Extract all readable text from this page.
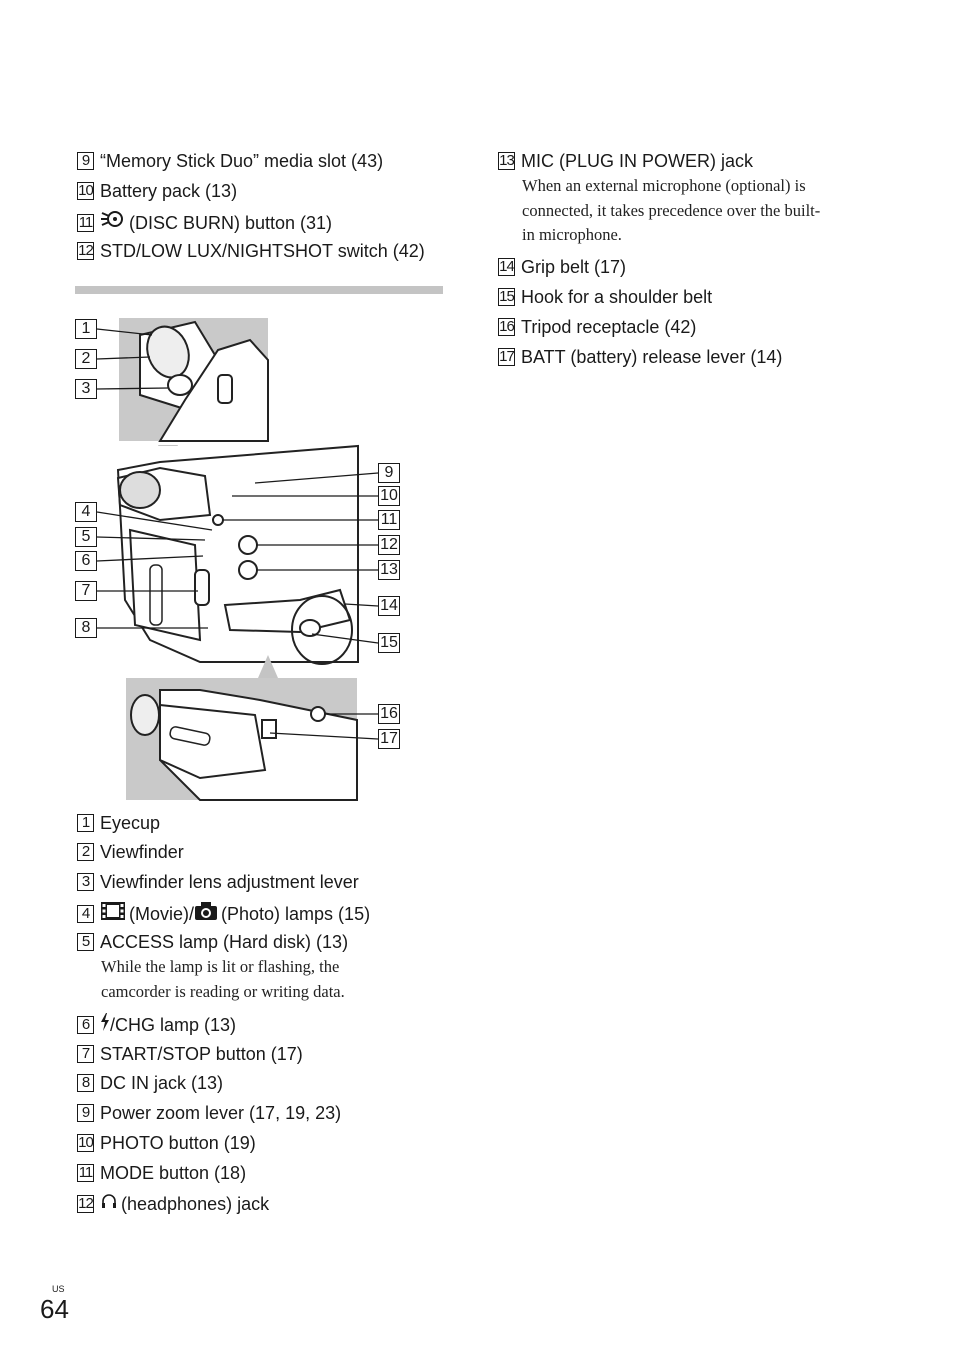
9 “Memory Stick Duo” media slot (43)
10 Battery pack (13)
11 (DISC BURN) button (31)
12 STD/LOW LUX/NIGHTSHOT switch (42)
13 MIC (PLUG IN POWER) jack
When an external microphone (optional) is
connected, it takes precedence over the built-
in microphone.
14 Grip belt (17)
15 Hook for a shoulder belt
16 Tripod receptacle (42)
17 BATT (battery) release lever (14)
1
2
3
4
5
6
7
8
9
10
11
12
13
14
15
16
17
1 Eyecup
2 Viewfinder
3 Viewfinder lens adjustment lever
4 (Movie)/ (Photo) lamps (15)
5 ACCESS lamp (Hard disk) (13)
While the lamp is lit or flashing, the
camcorder is reading or writing data.
6 /CHG lamp (13)
7 START/STOP button (17)
8 DC IN jack (13)
9 Power zoom lever (17, 19, 23)
10 PHOTO button (19)
11 MODE button (18)
12 (headphones) jack
US
64
